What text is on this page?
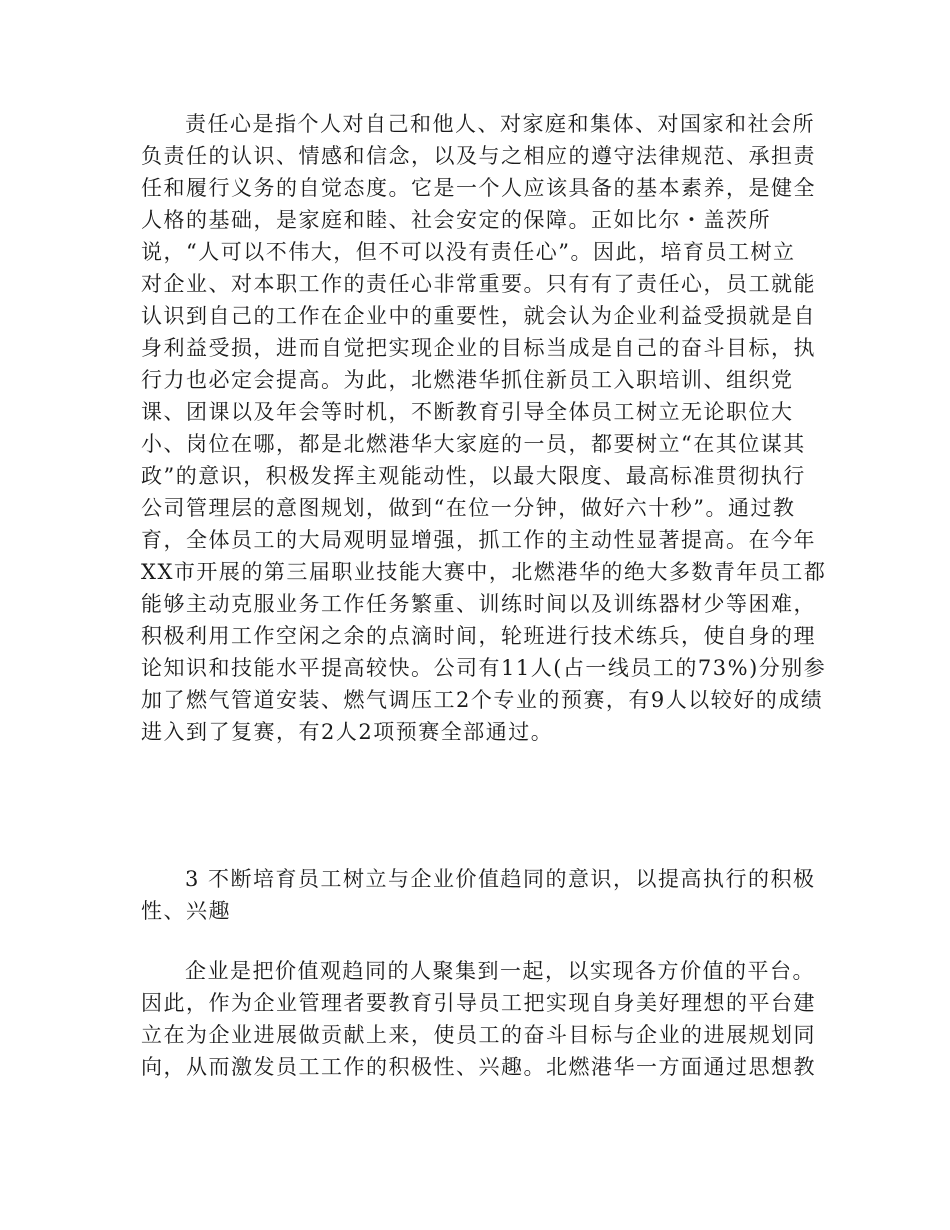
责任心是指个人对自己和他人、对家庭和集体、对国家和社会所
负责任的认识、情感和信念，以及与之相应的遵守法律规范、承担责
任和履行义务的自觉态度。它是一个人应该具备的基本素养，是健全
人格的基础，是家庭和睦、社会安定的保障。正如比尔・盖茨所
说，“人可以不伟大，但不可以没有责任心”。因此，培育员工树立
对企业、对本职工作的责任心非常重要。只有有了责任心，员工就能
认识到自己的工作在企业中的重要性，就会认为企业利益受损就是自
身利益受损，进而自觉把实现企业的目标当成是自己的奋斗目标，执
行力也必定会提高。为此，北燃港华抓住新员工入职培训、组织党
课、团课以及年会等时机，不断教育引导全体员工树立无论职位大
小、岗位在哪，都是北燃港华大家庭的一员，都要树立“在其位谋其
政”的意识，积极发挥主观能动性，以最大限度、最高标准贯彻执行
公司管理层的意图规划，做到“在位一分钟，做好六十秒”。通过教
育，全体员工的大局观明显增强，抓工作的主动性显著提高。在今年
XX市开展的第三届职业技能大赛中，北燃港华的绝大多数青年员工都
能够主动克服业务工作任务繁重、训练时间以及训练器材少等困难，
积极利用工作空闲之余的点滴时间，轮班进行技术练兵，使自身的理
论知识和技能水平提高较快。公司有11人(占一线员工的73%)分别参
加了燃气管道安装、燃气调压工2个专业的预赛，有9人以较好的成绩
进入到了复赛，有2人2项预赛全部通过。
3 不断培育员工树立与企业价值趋同的意识，以提高执行的积极
性、兴趣
企业是把价值观趋同的人聚集到一起，以实现各方价值的平台。
因此，作为企业管理者要教育引导员工把实现自身美好理想的平台建
立在为企业进展做贡献上来，使员工的奋斗目标与企业的进展规划同
向，从而激发员工工作的积极性、兴趣。北燃港华一方面通过思想教
